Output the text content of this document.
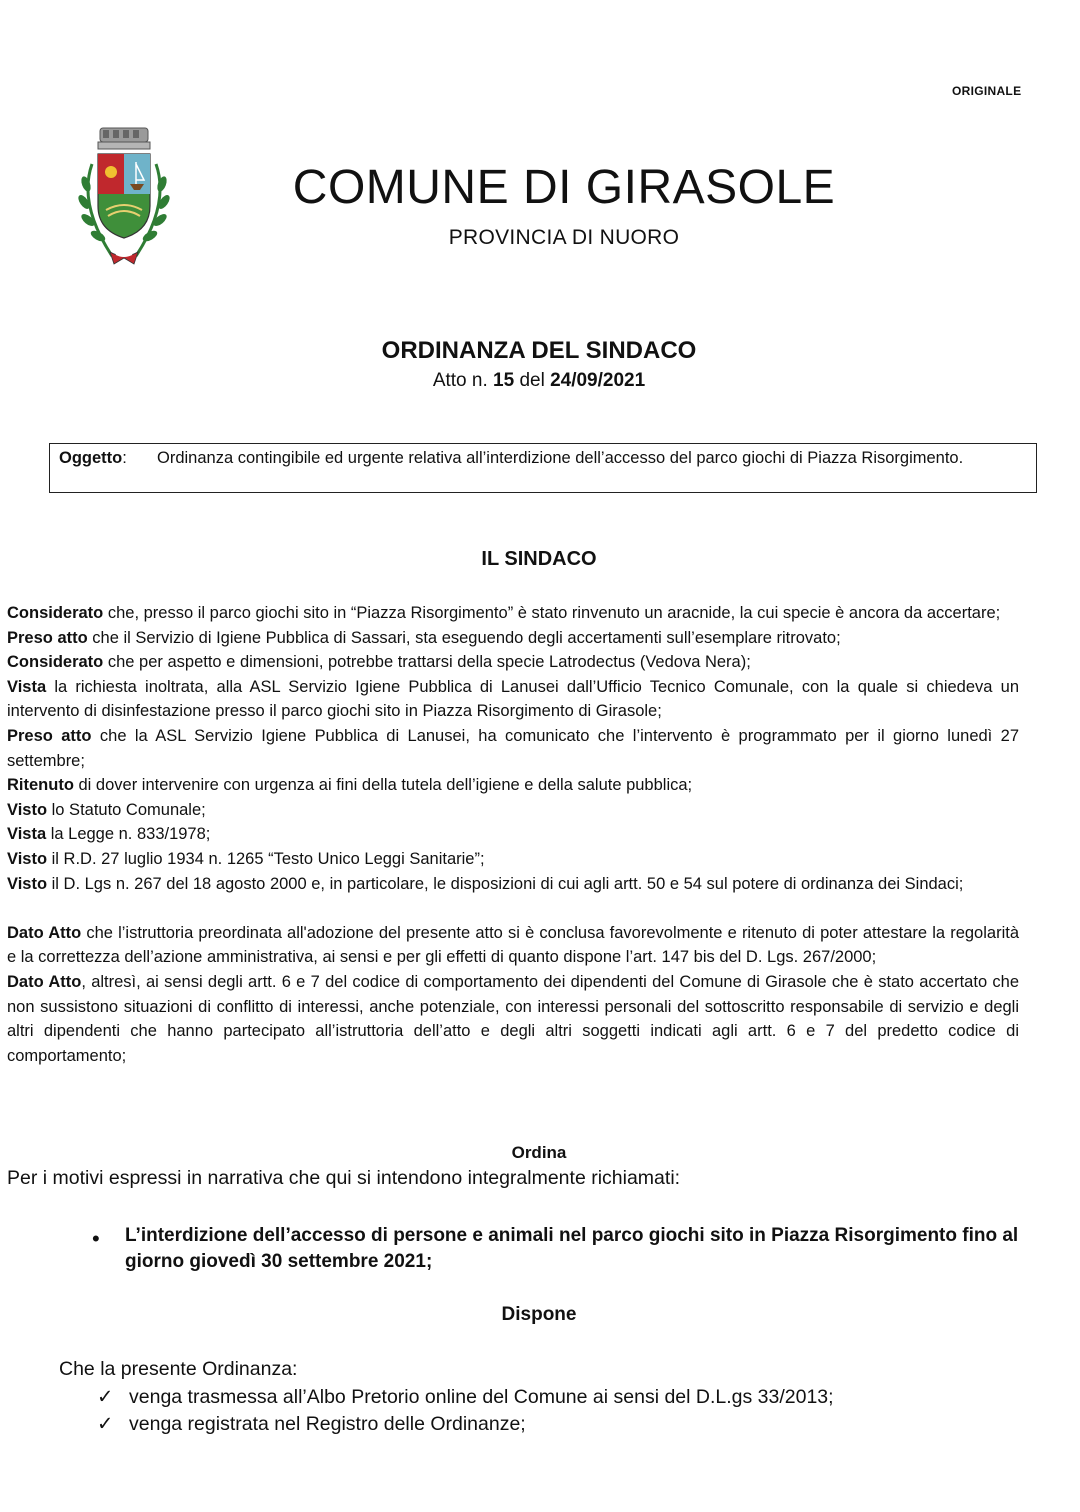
ORIGINALE
COMUNE DI GIRASOLE
PROVINCIA DI NUORO
ORDINANZA DEL SINDACO
Atto n. 15 del 24/09/2021
Oggetto: Ordinanza contingibile ed urgente relativa all’interdizione dell’accesso del parco giochi di Piazza Risorgimento.
IL SINDACO

Considerato che, presso il parco giochi sito in “Piazza Risorgimento” è stato rinvenuto un aracnide, la cui specie è ancora da accertare;

Preso atto che il Servizio di Igiene Pubblica di Sassari, sta eseguendo degli accertamenti sull’esemplare ritrovato;

Considerato che per aspetto e dimensioni, potrebbe trattarsi della specie Latrodectus (Vedova Nera);

Vista la richiesta inoltrata, alla ASL Servizio Igiene Pubblica di Lanusei dall’Ufficio Tecnico Comunale, con la quale si chiedeva un intervento di disinfestazione presso il parco giochi sito in Piazza Risorgimento di Girasole;

Preso atto che la ASL Servizio Igiene Pubblica di Lanusei, ha comunicato che l’intervento è programmato per il giorno lunedì 27 settembre;

Ritenuto di dover intervenire con urgenza ai fini della tutela dell’igiene e della salute pubblica;

Visto lo Statuto Comunale;

Vista la Legge n. 833/1978;

Visto il R.D. 27 luglio 1934 n. 1265 “Testo Unico Leggi Sanitarie”;

Visto il D. Lgs n. 267 del 18 agosto 2000 e, in particolare, le disposizioni di cui agli artt. 50 e 54 sul potere di ordinanza dei Sindaci;

Dato Atto che l’istruttoria preordinata all'adozione del presente atto si è conclusa favorevolmente e ritenuto di poter attestare la regolarità e la correttezza dell’azione amministrativa, ai sensi e per gli effetti di quanto dispone l’art. 147 bis del D. Lgs. 267/2000;

Dato Atto, altresì, ai sensi degli artt. 6 e 7 del codice di comportamento dei dipendenti del Comune di Girasole che è stato accertato che non sussistono situazioni di conflitto di interessi, anche potenziale, con interessi personali del sottoscritto responsabile di servizio e degli altri dipendenti che hanno partecipato all’istruttoria dell’atto e degli altri soggetti indicati agli artt. 6 e 7 del predetto codice di comportamento;

Ordina
Per i motivi espressi in narrativa che qui si intendono integralmente richiamati:
• L’interdizione dell’accesso di persone e animali nel parco giochi sito in Piazza Risorgimento fino al giorno giovedì 30 settembre 2021;
Dispone
Che la presente Ordinanza:
✓ venga trasmessa all’Albo Pretorio online del Comune ai sensi del D.L.gs 33/2013;
✓ venga registrata nel Registro delle Ordinanze;
